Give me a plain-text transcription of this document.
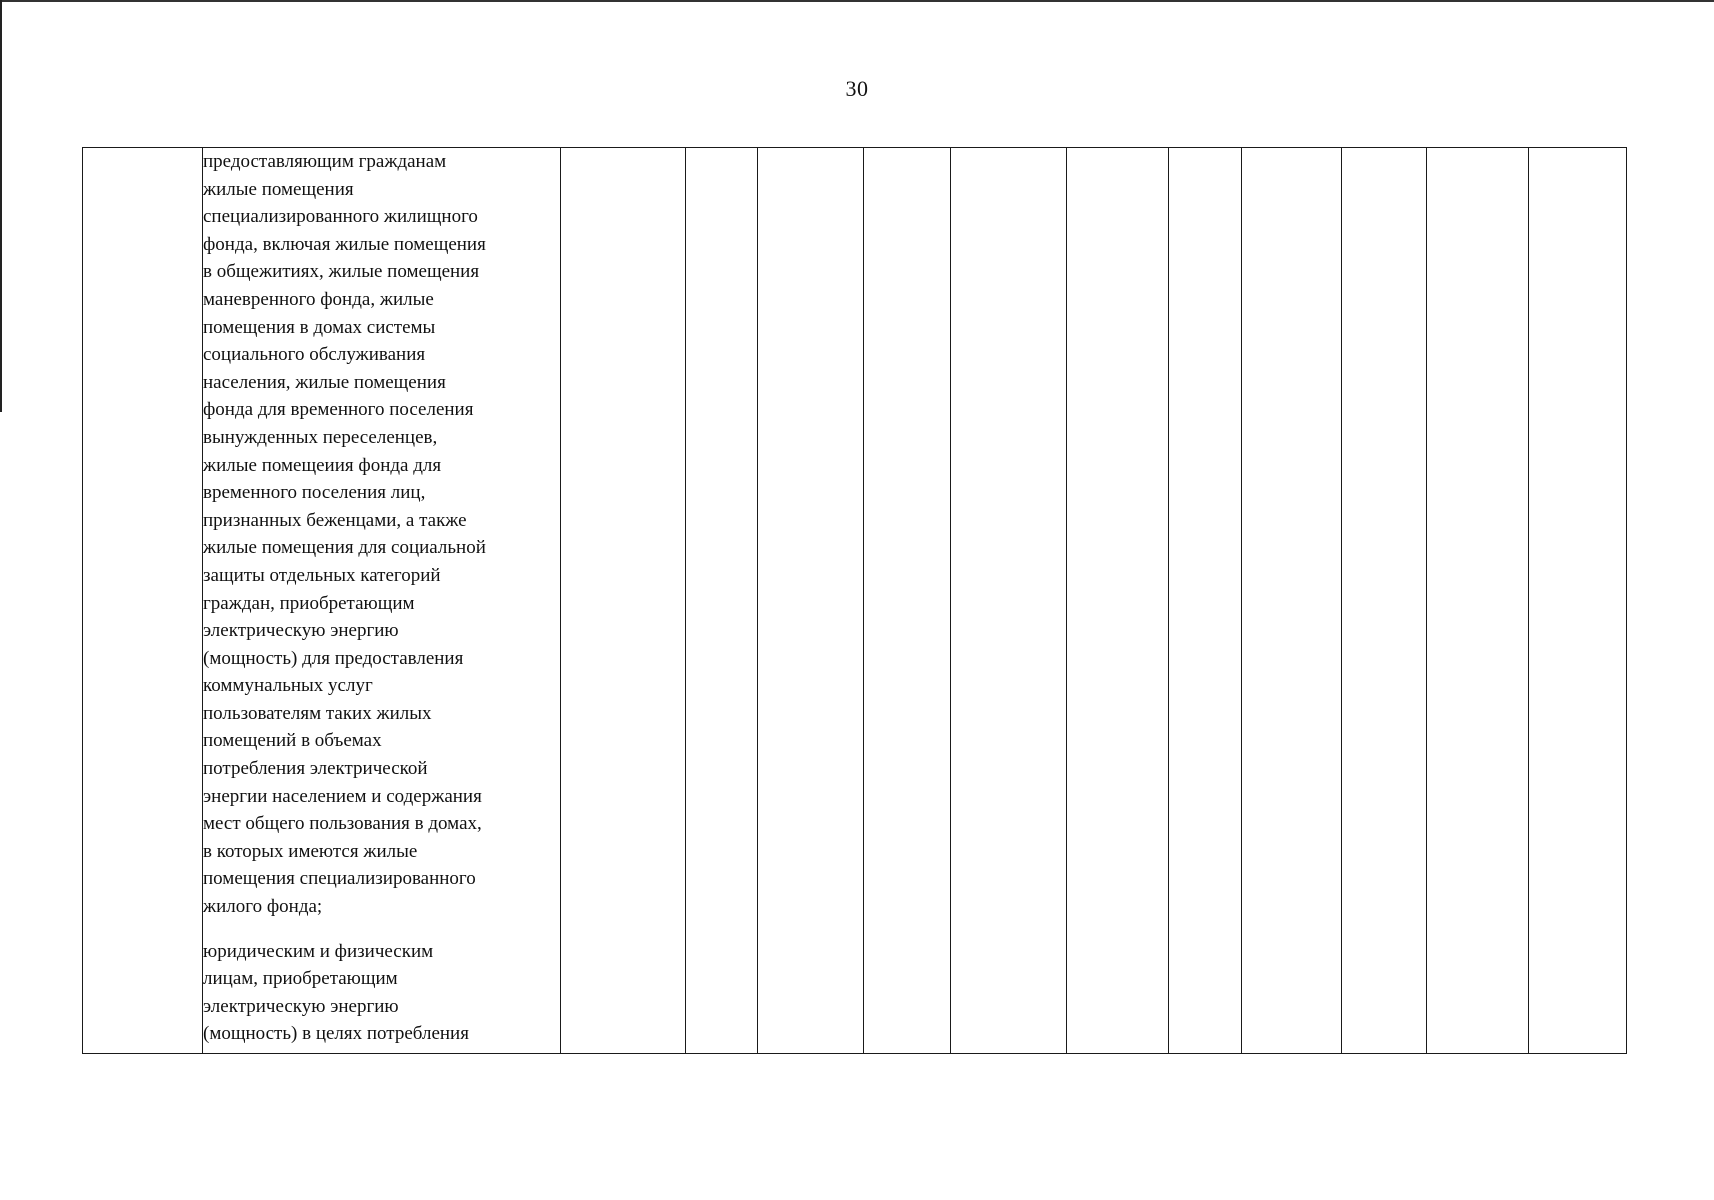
30

предоставляющим гражданам
жилые помещения
специализированного жилищного
фонда, включая жилые помещения
в общежитиях, жилые помещения
маневренного фонда, жилые
помещения в домах системы
социального обслуживания
населения, жилые помещения
фонда для временного поселения
вынужденных переселенцев,
жилые помещеиия фонда для
временного поселения лиц,
признанных беженцами, а также
жилые помещения для социальной
защиты отдельных категорий
граждан, приобретающим
электрическую энергию
(мощность) для предоставления
коммунальных услуг
пользователям таких жилых
помещений в объемах
потребления электрической
энергии населением и содержания
мест общего пользования в домах,
в которых имеются жилые
помещения специализированного
жилого фонда;

юридическим и физическим
лицам, приобретающим
электрическую энергию
(мощность) в целях потребления
